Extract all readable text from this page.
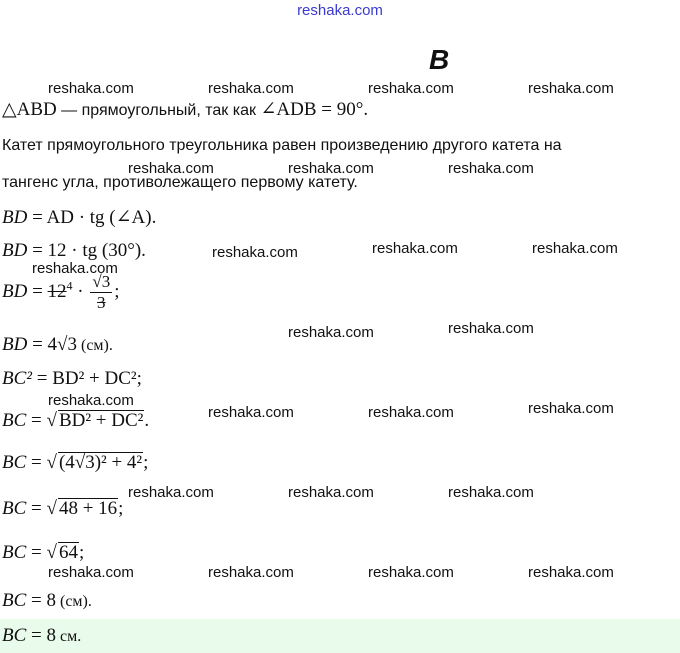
reshaka.com
В
reshaka.com	reshaka.com	reshaka.com	reshaka.com
reshaka.com	reshaka.com	reshaka.com
reshaka.com	reshaka.com	reshaka.com
reshaka.com
reshaka.com	reshaka.com
reshaka.com
reshaka.com	reshaka.com	reshaka.com
reshaka.com	reshaka.com	reshaka.com
reshaka.com	reshaka.com	reshaka.com	reshaka.com
△ABD — прямоугольный, так как ∠ADB = 90°.
Катет прямоугольного треугольника равен произведению другого катета на
тангенс угла, противолежащего первому катету.
BD = AD · tg (∠A).
BD = 12 · tg (30°).
BD = $12^4 \cdot \frac{√3}{3}$ ;
BD = 4√3 (см).
BC² = BD² + DC²;
BC = √ BD² + DC².
BC = √ (4√3)² + 4²;
BC = √ 48 + 16;
BC = √ 64;
BC = 8 (см).
BC = 8 см.
